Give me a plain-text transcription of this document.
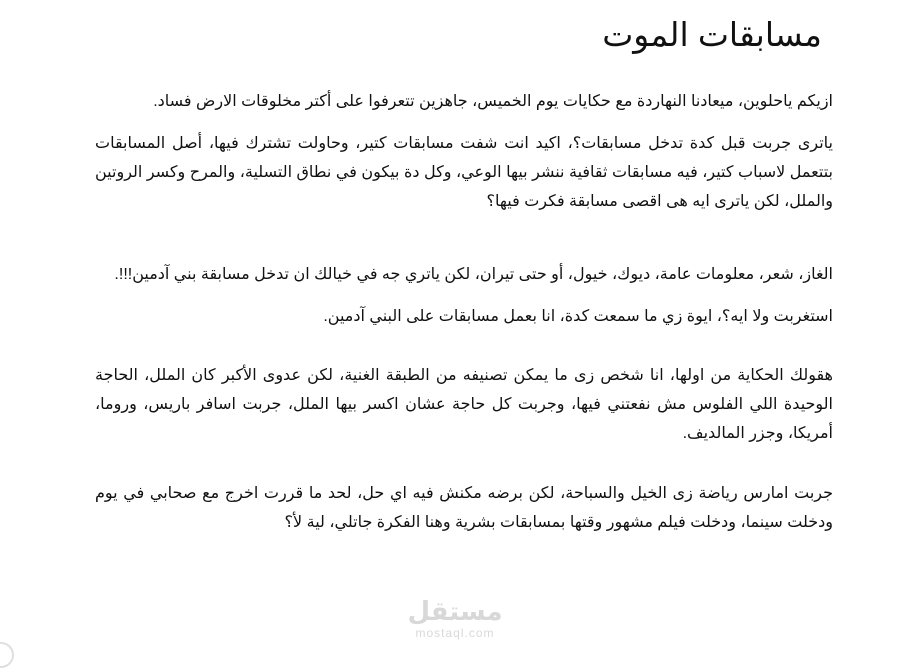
مسابقات الموت

ازيكم ياحلوين، ميعادنا النهاردة مع حكايات يوم الخميس، جاهزين تتعرفوا على أكتر مخلوقات الارض فساد.

ياترى جربت قبل كدة تدخل مسابقات؟، اكيد انت شفت مسابقات كتير، وحاولت تشترك فيها، أصل المسابقات بتتعمل لاسباب كتير، فيه مسابقات ثقافية ننشر بيها الوعي، وكل دة بيكون في نطاق التسلية، والمرح وكسر الروتين والملل، لكن ياترى ايه هى اقصى مسابقة فكرت فيها؟

الغاز، شعر، معلومات عامة، ديوك، خيول، أو حتى تيران، لكن ياتري جه في خيالك ان تدخل مسابقة بني آدمين!!!.

استغربت ولا ايه؟، ايوة زي ما سمعت كدة، انا بعمل مسابقات على البني آدمين.

هقولك الحكاية من اولها، انا شخص زى ما يمكن تصنيفه من الطبقة الغنية، لكن عدوى الأكبر كان الملل، الحاجة الوحيدة اللي الفلوس مش نفعتني فيها، وجربت كل حاجة عشان اكسر بيها الملل، جربت اسافر باريس، وروما، أمريكا، وجزر المالديف.

جربت امارس رياضة زى الخيل والسباحة، لكن برضه مكنش فيه اي حل، لحد ما قررت اخرج مع صحابي في يوم ودخلت سينما، ودخلت فيلم مشهور وقتها بمسابقات بشرية وهنا الفكرة جاتلي، لية لأ؟

مستقل
mostaql.com
